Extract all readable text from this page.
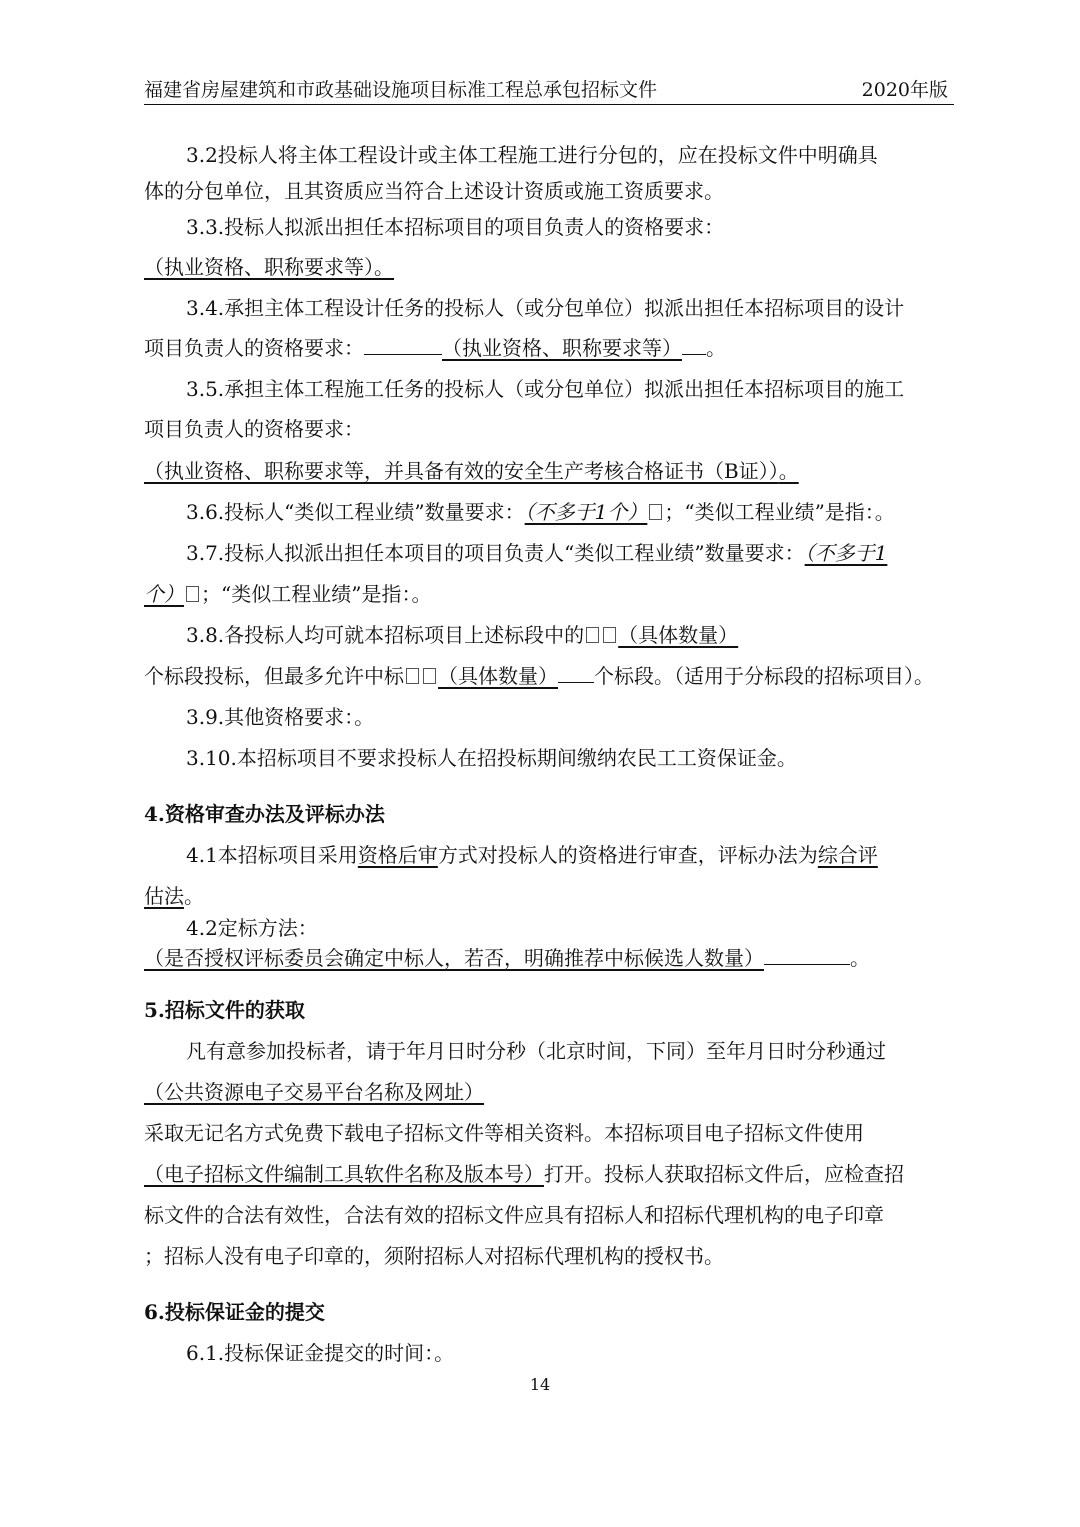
福建省房屋建筑和市政基础设施项目标准工程总承包招标文件	2020年版
3.2投标人将主体工程设计或主体工程施工进行分包的，应在投标文件中明确具
体的分包单位，且其资质应当符合上述设计资质或施工资质要求。
3.3.投标人拟派出担任本招标项目的项目负责人的资格要求：
（执业资格、职称要求等）。
3.4.承担主体工程设计任务的投标人（或分包单位）拟派出担任本招标项目的设计
项目负责人的资格要求：	（执业资格、职称要求等） 。
3.5.承担主体工程施工任务的投标人（或分包单位）拟派出担任本招标项目的施工
项目负责人的资格要求：
（执业资格、职称要求等，并具备有效的安全生产考核合格证书（B证））。
3.6.投标人“类似工程业绩”数量要求：（不多于1个） ；“类似工程业绩”是指：。
3.7.投标人拟派出担任本项目的项目负责人“类似工程业绩”数量要求：（不多于1
个） ；“类似工程业绩”是指：。
3.8.各投标人均可就本招标项目上述标段中的 （具体数量）
个标段投标，但最多允许中标 （具体数量） 个标段。（适用于分标段的招标项目）。
3.9.其他资格要求：。
3.10.本招标项目不要求投标人在招投标期间缴纳农民工工资保证金。
4.资格审查办法及评标办法
4.1本招标项目采用资格后审方式对投标人的资格进行审查，评标办法为综合评
估法。
4.2定标方法：
（是否授权评标委员会确定中标人，若否，明确推荐中标候选人数量）	。
5.招标文件的获取
凡有意参加投标者，请于年月日时分秒（北京时间，下同）至年月日时分秒通过
（公共资源电子交易平台名称及网址）
采取无记名方式免费下载电子招标文件等相关资料。本招标项目电子招标文件使用
（电子招标文件编制工具软件名称及版本号）打开。投标人获取招标文件后，应检查招
标文件的合法有效性，合法有效的招标文件应具有招标人和招标代理机构的电子印章
；招标人没有电子印章的，须附招标人对招标代理机构的授权书。
6.投标保证金的提交
6.1.投标保证金提交的时间：。
14
